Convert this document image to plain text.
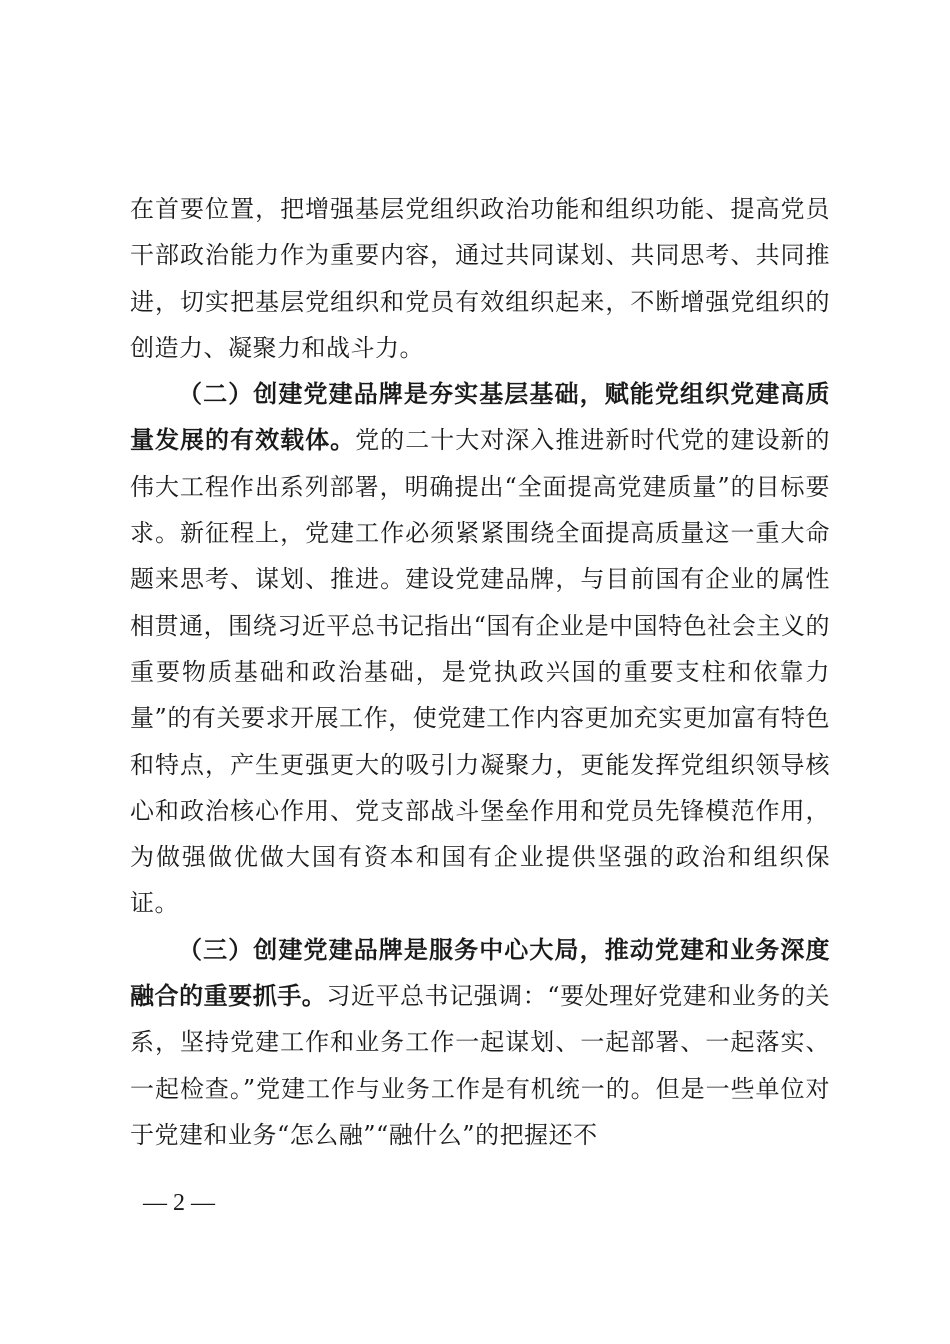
在首要位置，把增强基层党组织政治功能和组织功能、提高党员干部政治能力作为重要内容，通过共同谋划、共同思考、共同推进，切实把基层党组织和党员有效组织起来，不断增强党组织的创造力、凝聚力和战斗力。

（二）创建党建品牌是夯实基层基础，赋能党组织党建高质量发展的有效载体。党的二十大对深入推进新时代党的建设新的伟大工程作出系列部署，明确提出“全面提高党建质量”的目标要求。新征程上，党建工作必须紧紧围绕全面提高质量这一重大命题来思考、谋划、推进。建设党建品牌，与目前国有企业的属性相贯通，围绕习近平总书记指出“国有企业是中国特色社会主义的重要物质基础和政治基础，是党执政兴国的重要支柱和依靠力量”的有关要求开展工作，使党建工作内容更加充实更加富有特色和特点，产生更强更大的吸引力凝聚力，更能发挥党组织领导核心和政治核心作用、党支部战斗堡垒作用和党员先锋模范作用，为做强做优做大国有资本和国有企业提供坚强的政治和组织保证。

（三）创建党建品牌是服务中心大局，推动党建和业务深度融合的重要抓手。习近平总书记强调：“要处理好党建和业务的关系，坚持党建工作和业务工作一起谋划、一起部署、一起落实、一起检查。”党建工作与业务工作是有机统一的。但是一些单位对于党建和业务“怎么融”“融什么”的把握还不

— 2 —
